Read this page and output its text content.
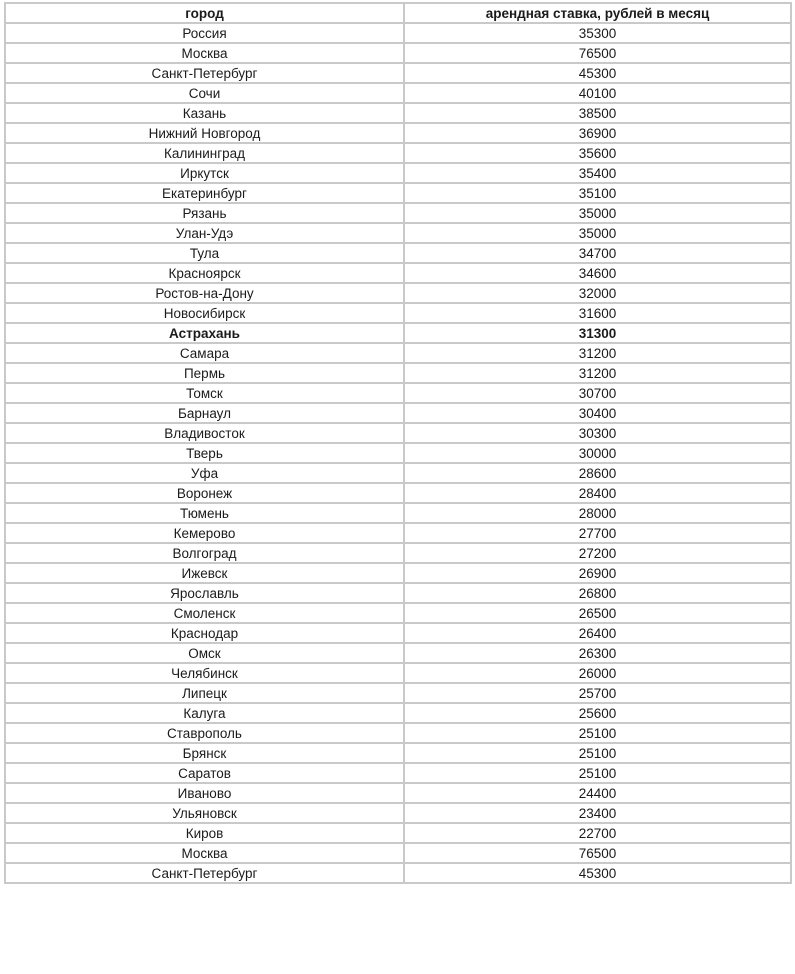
город	арендная ставка, рублей в месяц
Россия	35300
Москва	76500
Санкт-Петербург	45300
Сочи	40100
Казань	38500
Нижний Новгород	36900
Калининград	35600
Иркутск	35400
Екатеринбург	35100
Рязань	35000
Улан-Удэ	35000
Тула	34700
Красноярск	34600
Ростов-на-Дону	32000
Новосибирск	31600
Астрахань	31300
Самара	31200
Пермь	31200
Томск	30700
Барнаул	30400
Владивосток	30300
Тверь	30000
Уфа	28600
Воронеж	28400
Тюмень	28000
Кемерово	27700
Волгоград	27200
Ижевск	26900
Ярославль	26800
Смоленск	26500
Краснодар	26400
Омск	26300
Челябинск	26000
Липецк	25700
Калуга	25600
Ставрополь	25100
Брянск	25100
Саратов	25100
Иваново	24400
Ульяновск	23400
Киров	22700
Москва	76500
Санкт-Петербург	45300
